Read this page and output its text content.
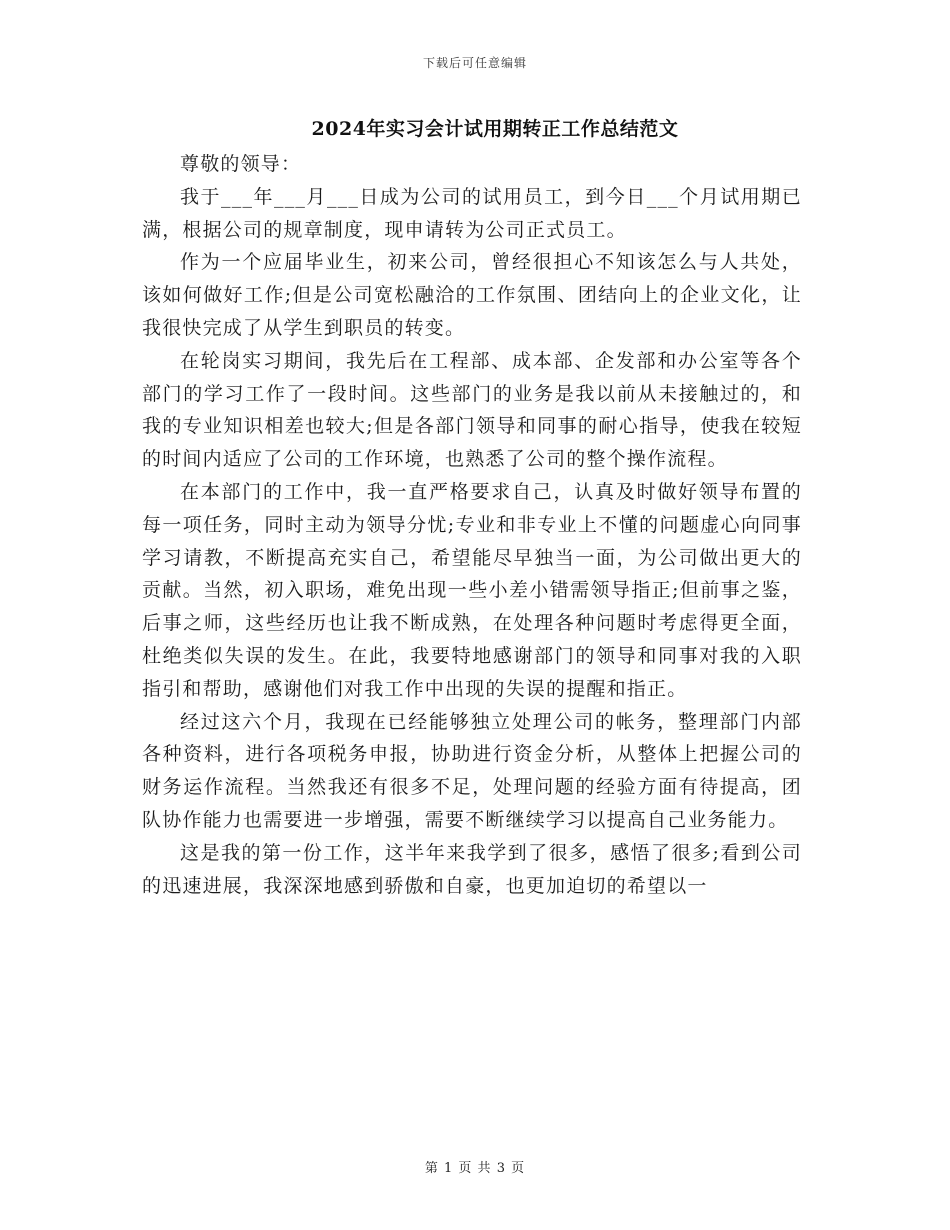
下载后可任意编辑
2024年实习会计试用期转正工作总结范文

尊敬的领导：

我于___年___月___日成为公司的试用员工，到今日___个月试用期已满，根据公司的规章制度，现申请转为公司正式员工。

作为一个应届毕业生，初来公司，曾经很担心不知该怎么与人共处，该如何做好工作;但是公司宽松融洽的工作氛围、团结向上的企业文化，让我很快完成了从学生到职员的转变。

在轮岗实习期间，我先后在工程部、成本部、企发部和办公室等各个部门的学习工作了一段时间。这些部门的业务是我以前从未接触过的，和我的专业知识相差也较大;但是各部门领导和同事的耐心指导，使我在较短的时间内适应了公司的工作环境，也熟悉了公司的整个操作流程。

在本部门的工作中，我一直严格要求自己，认真及时做好领导布置的每一项任务，同时主动为领导分忧;专业和非专业上不懂的问题虚心向同事学习请教，不断提高充实自己，希望能尽早独当一面，为公司做出更大的贡献。当然，初入职场，难免出现一些小差小错需领导指正;但前事之鉴，后事之师，这些经历也让我不断成熟，在处理各种问题时考虑得更全面，杜绝类似失误的发生。在此，我要特地感谢部门的领导和同事对我的入职指引和帮助，感谢他们对我工作中出现的失误的提醒和指正。

经过这六个月，我现在已经能够独立处理公司的帐务，整理部门内部各种资料，进行各项税务申报，协助进行资金分析，从整体上把握公司的财务运作流程。当然我还有很多不足，处理问题的经验方面有待提高，团队协作能力也需要进一步增强，需要不断继续学习以提高自己业务能力。

这是我的第一份工作，这半年来我学到了很多，感悟了很多;看到公司的迅速进展，我深深地感到骄傲和自豪，也更加迫切的希望以一

第 1 页 共 3 页
